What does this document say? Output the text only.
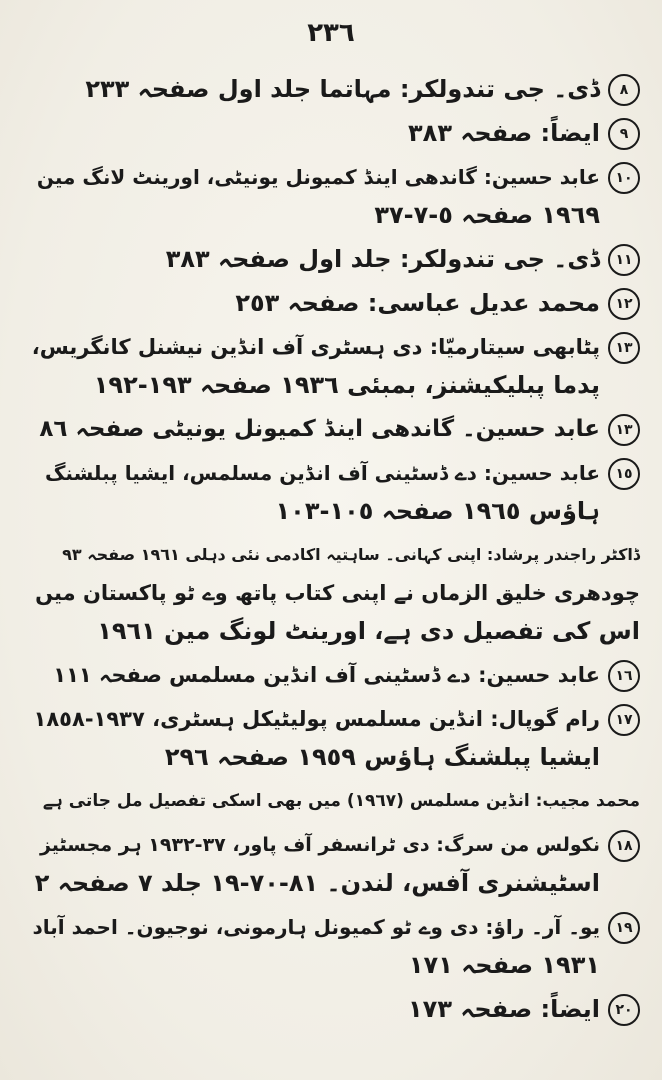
٢٣٦
٨
ڈی۔ جی تندولکر: مہاتما جلد اول صفحہ ٢٣٣
٩
ایضاً: صفحہ ٣٨٣
١٠
عابد حسین: گاندھی اینڈ کمیونل یونیٹی، اورینٹ لانگ مین
١٩٦٩ صفحہ ٥-٧-٣٧
١١
ڈی۔ جی تندولکر: جلد اول صفحہ ٣٨٣
١٢
محمد عدیل عباسی: صفحہ ٢٥٣
١٣
پٹابھی سیتارمیّا: دی ہسٹری آف انڈین نیشنل کانگریس،
پدما پبلیکیشنز، بمبئی ١٩٣٦ صفحہ ١٩٣-١٩٢
١٣
عابد حسین۔ گاندھی اینڈ کمیونل یونیٹی صفحہ ٨٦
١٥
عابد حسین: دے ڈسٹینی آف انڈین مسلمس، ایشیا پبلشنگ
ہاؤس ١٩٦٥ صفحہ ١٠٥-١٠٣
ڈاکٹر راجندر پرشاد: اپنی کہانی۔ ساہتیہ اکادمی نئی دہلی ١٩٦١ صفحہ ٩٣
چودھری خلیق الزماں نے اپنی کتاب پاتھ وے ٹو پاکستان میں
اس کی تفصیل دی ہے، اورینٹ لونگ مین ١٩٦١
١٦
عابد حسین: دے ڈسٹینی آف انڈین مسلمس صفحہ ١١١
١٧
رام گوپال: انڈین مسلمس پولیٹیکل ہسٹری، ١٩٣٧-١٨٥٨
ایشیا پبلشنگ ہاؤس ١٩٥٩ صفحہ ٢٩٦
محمد مجیب: انڈین مسلمس (١٩٦٧) میں بھی اسکی تفصیل مل جاتی ہے
١٨
نکولس من سرگ: دی ٹرانسفر آف پاور، ٣٧-١٩٣٢ ہر مجسٹیز
اسٹیشنری آفس، لندن۔ ٨١-٧٠-١٩ جلد ٧ صفحہ ٢
١٩
یو۔ آر۔ راؤ: دی وے ٹو کمیونل ہارمونی، نوجیون۔ احمد آباد
١٩٣١ صفحہ ١٧١
٢٠
ایضاً: صفحہ ١٧٣
